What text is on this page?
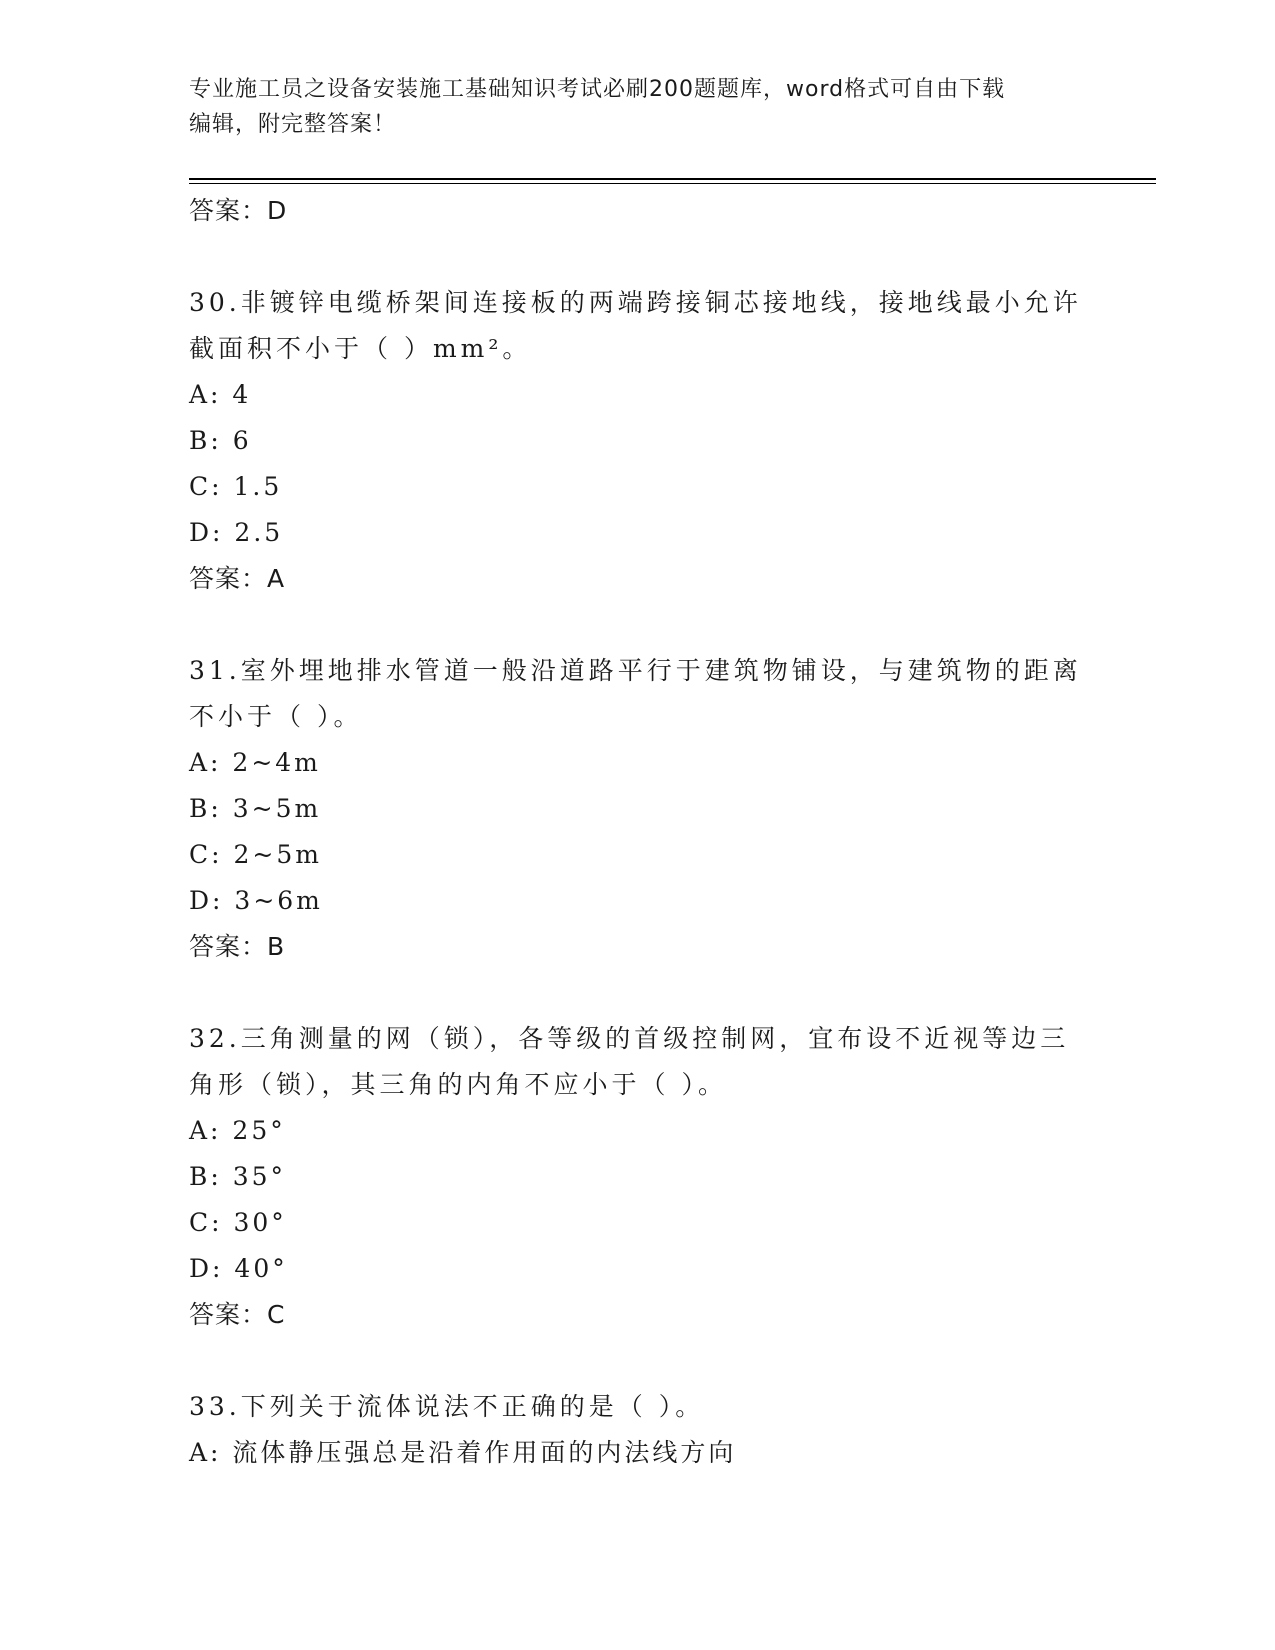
专业施工员之设备安装施工基础知识考试必刷200题题库，word格式可自由下载
编辑，附完整答案！
答案：D
30.非镀锌电缆桥架间连接板的两端跨接铜芯接地线，接地线最小允许
截面积不小于（ ）mm²。
A: 4
B: 6
C: 1.5
D: 2.5
答案：A
31.室外埋地排水管道一般沿道路平行于建筑物铺设，与建筑物的距离
不小于（ ）。
A: 2~4m
B: 3~5m
C: 2~5m
D: 3~6m
答案：B
32.三角测量的网（锁），各等级的首级控制网，宜布设不近视等边三
角形（锁），其三角的内角不应小于（ ）。
A: 25°
B: 35°
C: 30°
D: 40°
答案：C
33.下列关于流体说法不正确的是（ ）。
A: 流体静压强总是沿着作用面的内法线方向
